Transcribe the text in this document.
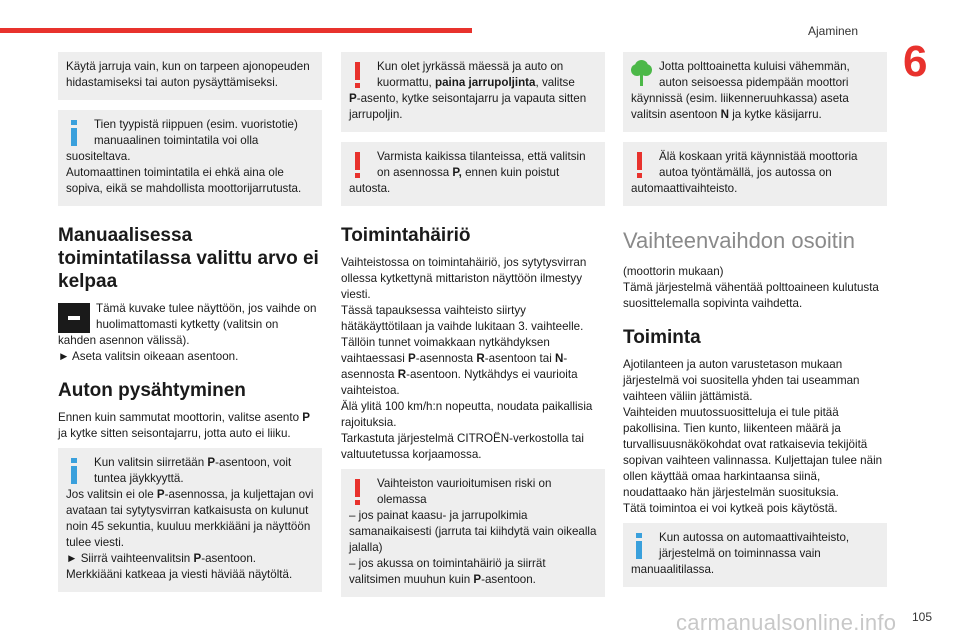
Ajaminen
6
Käytä jarruja vain, kun on tarpeen ajonopeuden hidastamiseksi tai auton pysäyttämiseksi.
Tien tyypistä riippuen (esim. vuoristotie) manuaalinen toimintatila voi olla
suositeltava.
Automaattinen toimintatila ei ehkä aina ole sopiva, eikä se mahdollista moottorijarrutusta.
Manuaalisessa toimintatilassa valittu arvo ei kelpaa
Tämä kuvake tulee näyttöön, jos vaihde on huolimattomasti kytketty (valitsin on
kahden asennon välissä).
► Aseta valitsin oikeaan asentoon.
Auton pysähtyminen
Ennen kuin sammutat moottorin, valitse asento P ja kytke sitten seisontajarru, jotta auto ei liiku.
Kun valitsin siirretään P-asentoon, voit tuntea jäykkyyttä.
Jos valitsin ei ole P-asennossa, ja kuljettajan ovi avataan tai sytytysvirran katkaisusta on kulunut noin 45 sekuntia, kuuluu merkkiääni ja näyttöön tulee viesti.
► Siirrä vaihteenvalitsin P-asentoon.
Merkkiääni katkeaa ja viesti häviää näytöltä.
Kun olet jyrkässä mäessä ja auto on kuormattu, paina jarrupoljinta, valitse
P-asento, kytke seisontajarru ja vapauta sitten jarrupoljin.
Varmista kaikissa tilanteissa, että valitsin on asennossa P, ennen kuin poistut
autosta.
Toimintahäiriö
Vaihteistossa on toimintahäiriö, jos sytytysvirran ollessa kytkettynä mittariston näyttöön ilmestyy viesti.
Tässä tapauksessa vaihteisto siirtyy hätäkäyttötilaan ja vaihde lukitaan 3. vaihteelle.
Tällöin tunnet voimakkaan nytkähdyksen vaihtaessasi P-asennosta R-asentoon tai N-asennosta R-asentoon. Nytkähdys ei vaurioita vaihteistoa.
Älä ylitä 100 km/h:n nopeutta, noudata paikallisia rajoituksia.
Tarkastuta järjestelmä CITROËN-verkostolla tai valtuutetussa korjaamossa.
Vaihteiston vaurioitumisen riski on olemassa
– jos painat kaasu- ja jarrupolkimia samanaikaisesti (jarruta tai kiihdytä vain oikealla jalalla)
– jos akussa on toimintahäiriö ja siirrät valitsimen muuhun kuin P-asentoon.
Jotta polttoainetta kuluisi vähemmän, auton seisoessa pidempään moottori
käynnissä (esim. liikenneruuhkassa) aseta valitsin asentoon N ja kytke käsijarru.
Älä koskaan yritä käynnistää moottoria autoa työntämällä, jos autossa on
automaattivaihteisto.
Vaihteenvaihdon osoitin
(moottorin mukaan)
Tämä järjestelmä vähentää polttoaineen kulutusta suosittelemalla sopivinta vaihdetta.
Toiminta
Ajotilanteen ja auton varustetason mukaan järjestelmä voi suositella yhden tai useamman vaihteen väliin jättämistä.
Vaihteiden muutossuositteluja ei tule pitää pakollisina. Tien kunto, liikenteen määrä ja turvallisuusnäkökohdat ovat ratkaisevia tekijöitä sopivan vaihteen valinnassa. Kuljettajan tulee näin ollen käyttää omaa harkintaansa siinä, noudattaako hän järjestelmän suosituksia.
Tätä toimintoa ei voi kytkeä pois käytöstä.
Kun autossa on automaattivaihteisto, järjestelmä on toiminnassa vain
manuaalitilassa.
carmanualsonline.info 105
